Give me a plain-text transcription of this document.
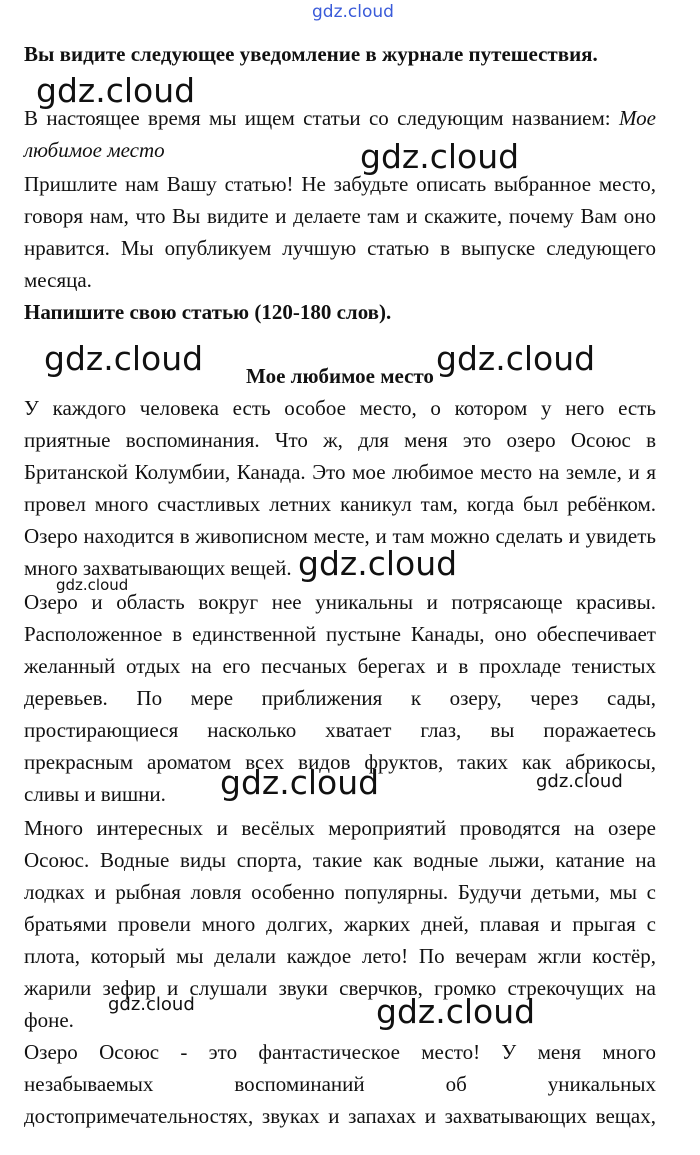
Вы видите следующее уведомление в журнале путешествия.
В настоящее время мы ищем статьи со следующим названием: Мое
любимое место
Пришлите нам Вашу статью! Не забудьте описать выбранное место,
говоря нам, что Вы видите и делаете там и скажите, почему Вам оно
нравится. Мы опубликуем лучшую статью в выпуске следующего
месяца.
Напишите свою статью (120-180 слов).
Мое любимое место
У каждого человека есть особое место, о котором у него есть
приятные воспоминания. Что ж, для меня это озеро Осоюс в
Британской Колумбии, Канада. Это мое любимое место на земле, и я
провел много счастливых летних каникул там, когда был ребёнком.
Озеро находится в живописном месте, и там можно сделать и увидеть
много захватывающих вещей.
Озеро и область вокруг нее уникальны и потрясающе красивы.
Расположенное в единственной пустыне Канады, оно обеспечивает
желанный отдых на его песчаных берегах и в прохладе тенистых
деревьев. По мере приближения к озеру, через сады,
простирающиеся насколько хватает глаз, вы поражаетесь
прекрасным ароматом всех видов фруктов, таких как абрикосы,
сливы и вишни.
Много интересных и весёлых мероприятий проводятся на озере
Осоюс. Водные виды спорта, такие как водные лыжи, катание на
лодках и рыбная ловля особенно популярны. Будучи детьми, мы с
братьями провели много долгих, жарких дней, плавая и прыгая с
плота, который мы делали каждое лето! По вечерам жгли костёр,
жарили зефир и слушали звуки сверчков, громко стрекочущих на
фоне.
Озеро Осоюс - это фантастическое место! У меня много
незабываемых воспоминаний об уникальных
достопримечательностях, звуках и запахах и захватывающих вещах,
gdz.cloud
gdz.cloud
gdz.cloud
gdz.cloud	gdz.cloud
gdz.cloud
gdz.cloud
gdz.cloud	gdz.cloud
gdz.cloud	gdz.cloud
